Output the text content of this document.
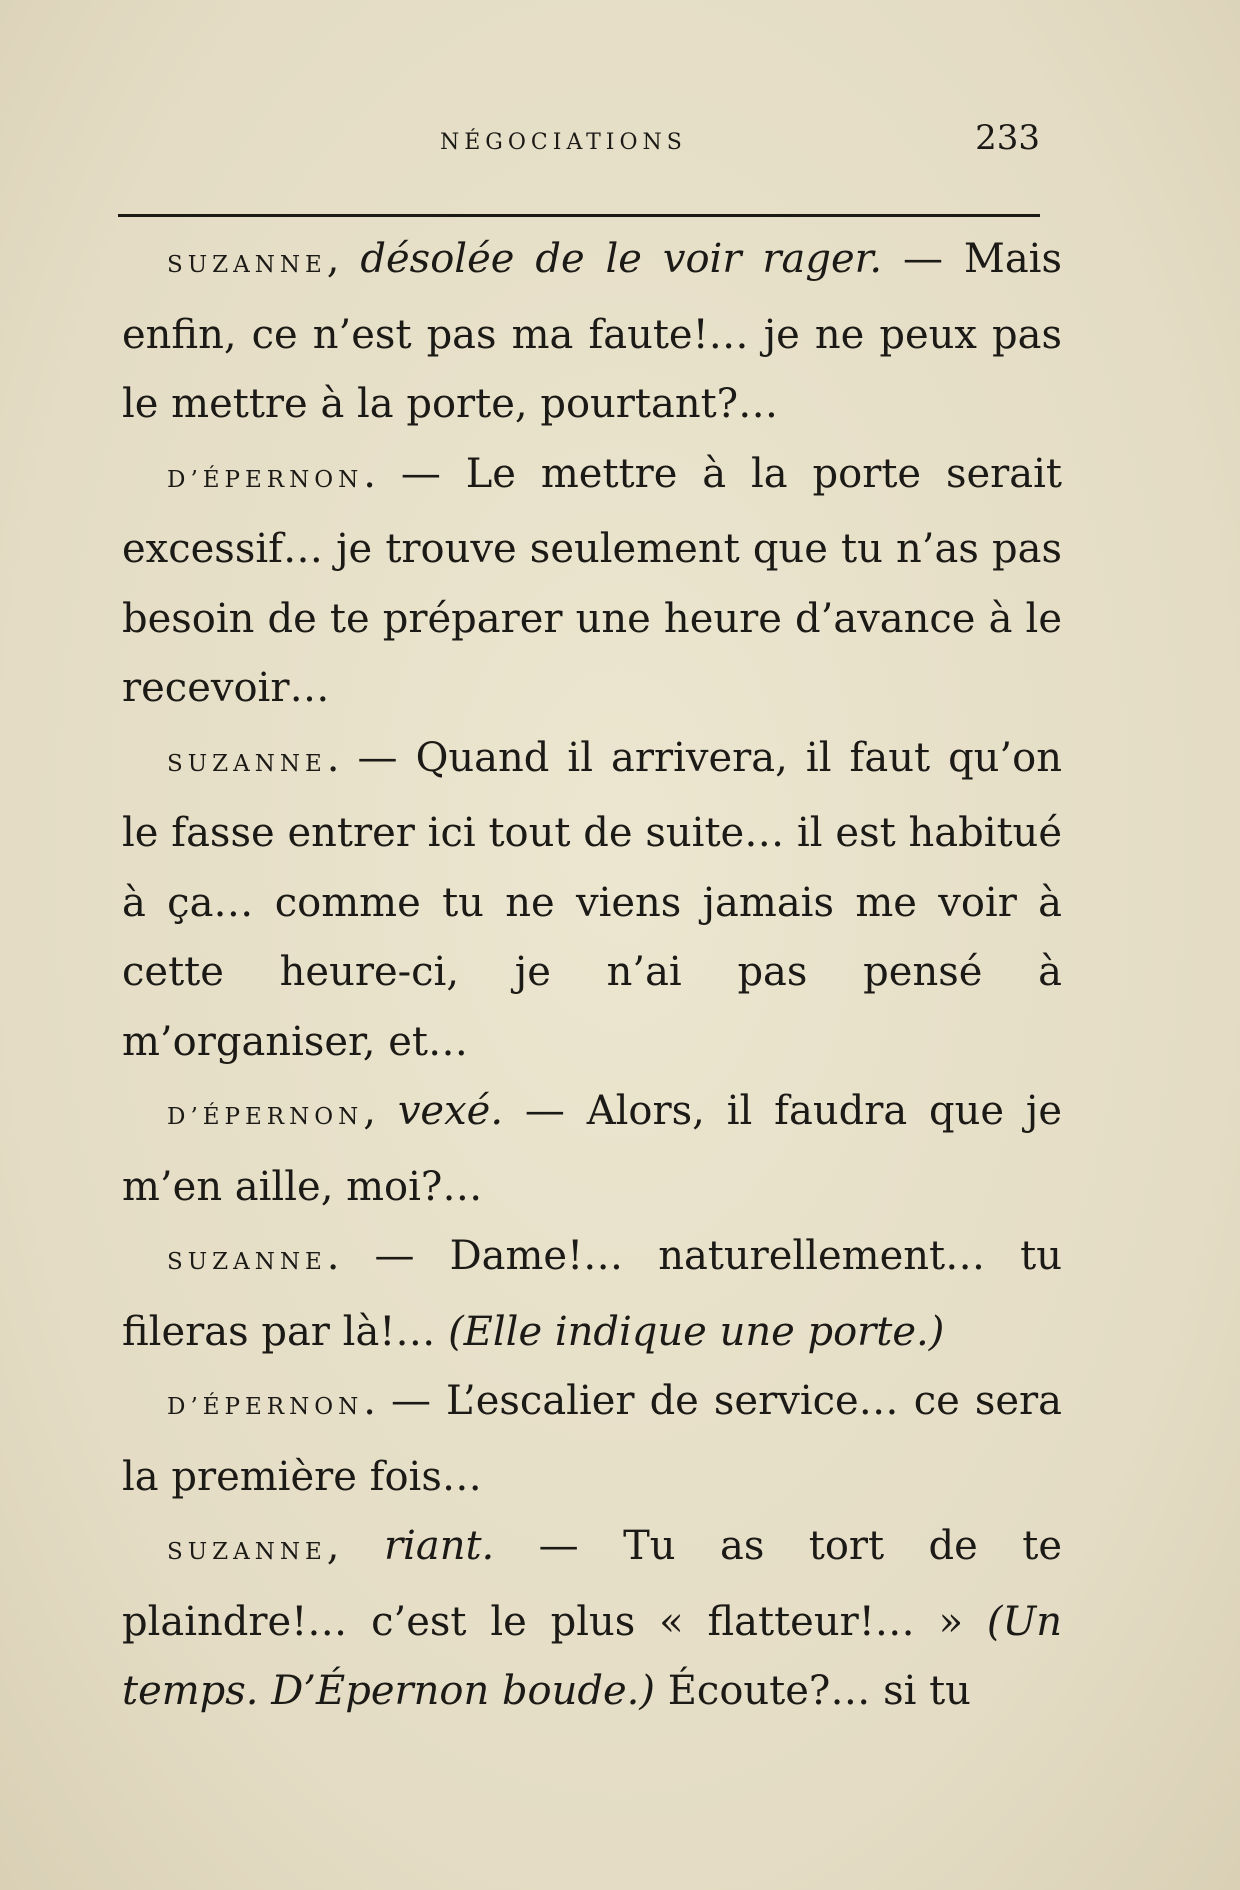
NÉGOCIATIONS	233

SUZANNE, désolée de le voir rager. — Mais enfin, ce n’est pas ma faute!… je ne peux pas le mettre à la porte, pourtant?…

D’ÉPERNON. — Le mettre à la porte serait excessif… je trouve seulement que tu n’as pas besoin de te préparer une heure d’avance à le recevoir…

SUZANNE. — Quand il arrivera, il faut qu’on le fasse entrer ici tout de suite… il est habitué à ça… comme tu ne viens jamais me voir à cette heure-ci, je n’ai pas pensé à m’organiser, et…

D’ÉPERNON, vexé. — Alors, il faudra que je m’en aille, moi?…

SUZANNE. — Dame!… naturellement… tu fileras par là!… (Elle indique une porte.)

D’ÉPERNON. — L’escalier de service… ce sera la première fois…

SUZANNE, riant. — Tu as tort de te plaindre!… c’est le plus « flatteur!… » (Un temps. D’Épernon boude.) Écoute?… si tu
